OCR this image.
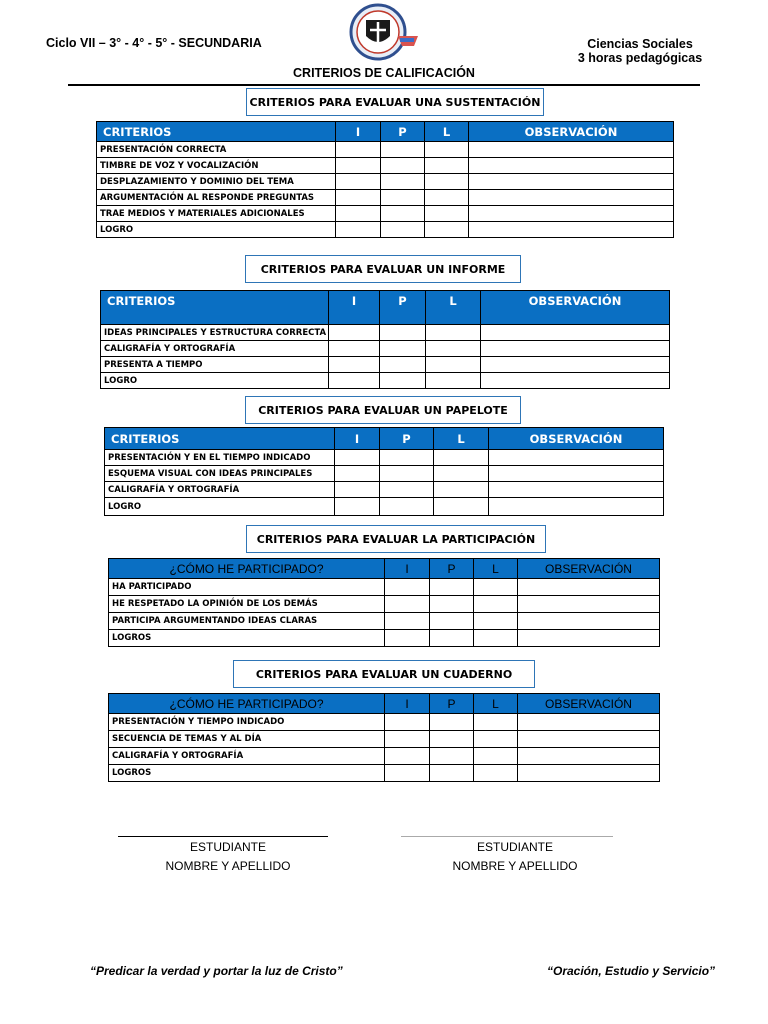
Ciclo VII – 3° - 4° - 5° - SECUNDARIA	Ciencias Sociales
3 horas pedagógicas
CRITERIOS DE CALIFICACIÓN
CRITERIOS PARA EVALUAR UNA SUSTENTACIÓN
CRITERIOS	I	P	L	OBSERVACIÓN
PRESENTACIÓN CORRECTA				
TIMBRE DE VOZ Y VOCALIZACIÓN				
DESPLAZAMIENTO Y DOMINIO DEL TEMA				
ARGUMENTACIÓN AL RESPONDE PREGUNTAS				
TRAE MEDIOS Y MATERIALES ADICIONALES				
LOGRO				
CRITERIOS PARA EVALUAR UN INFORME
CRITERIOS	I	P	L	OBSERVACIÓN
IDEAS PRINCIPALES Y ESTRUCTURA CORRECTA				
CALIGRAFÍA Y ORTOGRAFÍA				
PRESENTA A TIEMPO				
LOGRO				
CRITERIOS PARA EVALUAR UN PAPELOTE
CRITERIOS	I	P	L	OBSERVACIÓN
PRESENTACIÓN Y EN EL TIEMPO INDICADO				
ESQUEMA VISUAL CON IDEAS PRINCIPALES				
CALIGRAFÍA Y ORTOGRAFÍA				
LOGRO				
CRITERIOS PARA EVALUAR LA PARTICIPACIÓN
¿CÓMO HE PARTICIPADO?	I	P	L	OBSERVACIÓN
HA PARTICIPADO				
HE RESPETADO LA OPINIÓN DE LOS DEMÁS				
PARTICIPA ARGUMENTANDO IDEAS CLARAS				
LOGROS				
CRITERIOS PARA EVALUAR UN CUADERNO
¿CÓMO HE PARTICIPADO?	I	P	L	OBSERVACIÓN
PRESENTACIÓN Y TIEMPO INDICADO				
SECUENCIA DE TEMAS Y AL DÍA				
CALIGRAFÍA Y ORTOGRAFÍA				
LOGROS				
ESTUDIANTE
NOMBRE Y APELLIDO
ESTUDIANTE
NOMBRE Y APELLIDO
“Predicar la verdad y portar la luz de Cristo”	“Oración, Estudio y Servicio”
